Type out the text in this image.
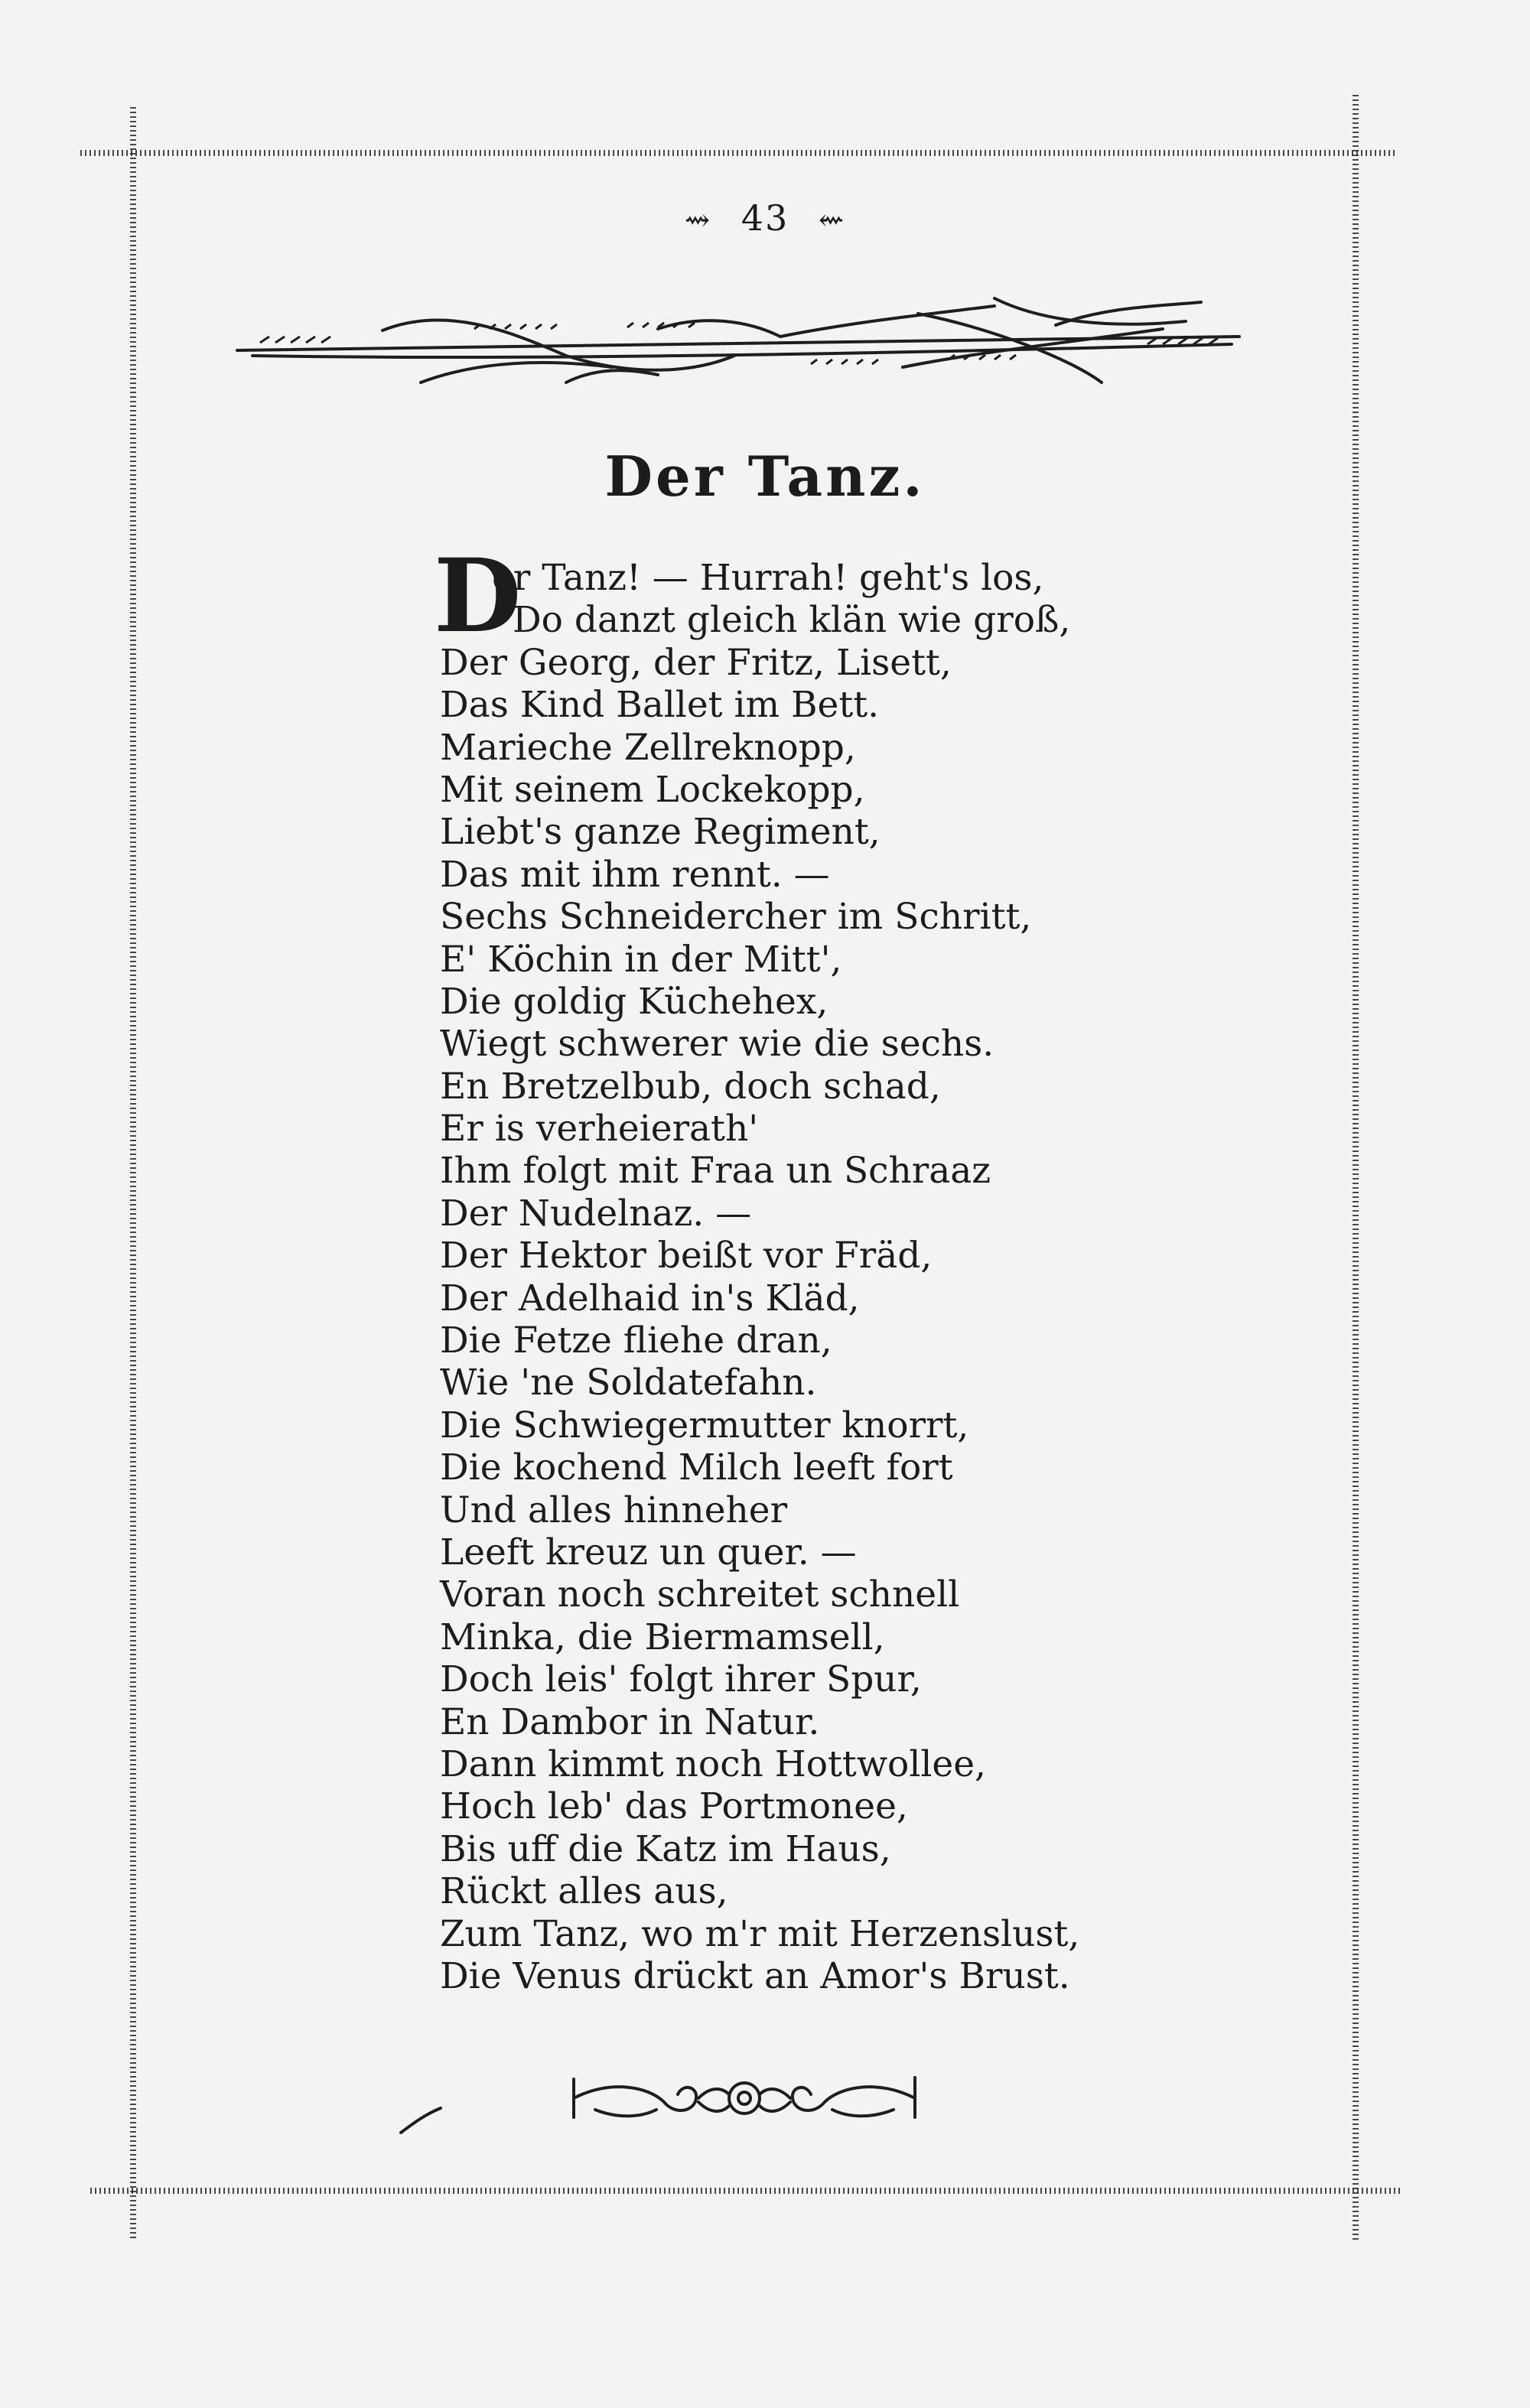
⇝ 43 ⇜
Der Tanz.
D
er Tanz! — Hurrah! geht's los,
Do danzt gleich klän wie groß,
Der Georg, der Fritz, Lisett,
Das Kind Ballet im Bett.
Marieche Zellreknopp,
Mit seinem Lockekopp,
Liebt's ganze Regiment,
Das mit ihm rennt. —
Sechs Schneidercher im Schritt,
E' Köchin in der Mitt',
Die goldig Küchehex,
Wiegt schwerer wie die sechs.
En Bretzelbub, doch schad,
Er is verheierath'
Ihm folgt mit Fraa un Schraaz
Der Nudelnaz. —
Der Hektor beißt vor Fräd,
Der Adelhaid in's Kläd,
Die Fetze fliehe dran,
Wie 'ne Soldatefahn.
Die Schwiegermutter knorrt,
Die kochend Milch leeft fort
Und alles hinneher
Leeft kreuz un quer. —
Voran noch schreitet schnell
Minka, die Biermamsell,
Doch leis' folgt ihrer Spur,
En Dambor in Natur.
Dann kimmt noch Hottwollee,
Hoch leb' das Portmonee,
Bis uff die Katz im Haus,
Rückt alles aus,
Zum Tanz, wo m'r mit Herzenslust,
Die Venus drückt an Amor's Brust.
